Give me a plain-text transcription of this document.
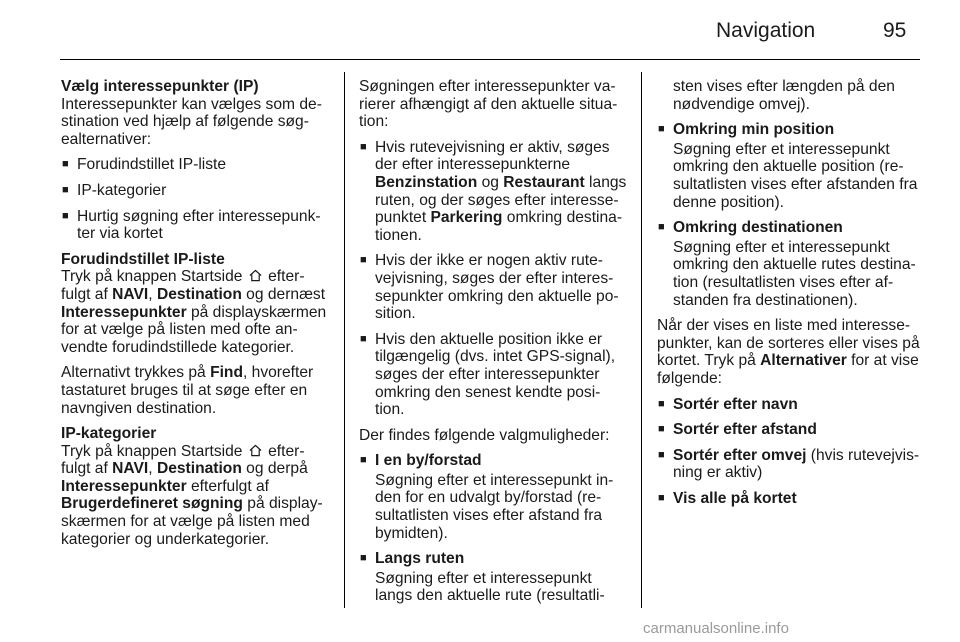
Navigation	95
Vælg interessepunkter (IP)

Interessepunkter kan vælges som de-stination ved hjælp af følgende søg-ealternativer:

■ Forudindstillet IP-liste
■ IP-kategorier
■ Hurtig søgning efter interessepunk-ter via kortet
Forudindstillet IP-liste

Tryk på knappen Startside  efter-fulgt af NAVI, Destination og dernæst Interessepunkter på displayskærmen for at vælge på listen med ofte an-vendte forudindstillede kategorier.

Alternativt trykkes på Find, hvorefter tastaturet bruges til at søge efter en navngiven destination.

IP-kategorier

Tryk på knappen Startside  efter-fulgt af NAVI, Destination og derpå Interessepunkter efterfulgt af Brugerdefineret søgning på display-skærmen for at vælge på listen med kategorier og underkategorier.

Søgningen efter interessepunkter va-rierer afhængigt af den aktuelle situa-tion:

■ Hvis rutevejvisning er aktiv, søges der efter interessepunkterne Benzinstation og Restaurant langs ruten, og der søges efter interesse-punktet Parkering omkring destina-tionen.
■ Hvis der ikke er nogen aktiv rute-vejvisning, søges der efter interes-sepunkter omkring den aktuelle po-sition.
■ Hvis den aktuelle position ikke er tilgængelig (dvs. intet GPS-signal), søges der efter interessepunkter omkring den senest kendte posi-tion.

Der findes følgende valgmuligheder:

■ I en by/forstad
Søgning efter et interessepunkt in-den for en udvalgt by/forstad (re-sultatlisten vises efter afstand fra bymidten).
■ Langs ruten
Søgning efter et interessepunkt langs den aktuelle rute (resultatli-

sten vises efter længden på den nødvendige omvej).

■ Omkring min position
Søgning efter et interessepunkt omkring den aktuelle position (re-sultatlisten vises efter afstanden fra denne position).
■ Omkring destinationen
Søgning efter et interessepunkt omkring den aktuelle rutes destina-tion (resultatlisten vises efter af-standen fra destinationen).

Når der vises en liste med interesse-punkter, kan de sorteres eller vises på kortet. Tryk på Alternativer for at vise følgende:

■ Sortér efter navn
■ Sortér efter afstand
■ Sortér efter omvej (hvis rutevejvis-ning er aktiv)
■ Vis alle på kortet
carmanualsonline.info
